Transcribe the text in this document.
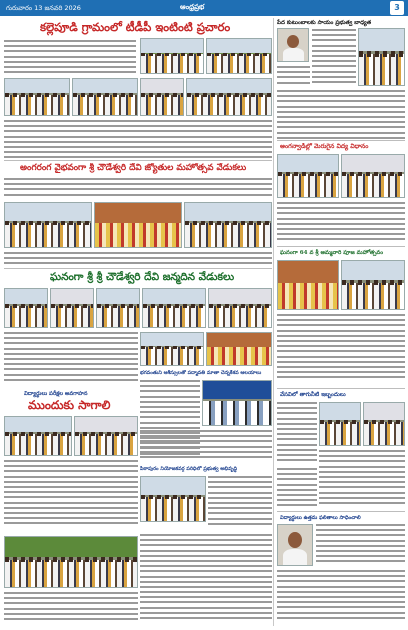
గురువారం 13 జనవరి 2026	ఆంధ్రప్రభ	3
కల్లెపూడి గ్రామంలో టీడీపీ ఇంటింటి ప్రచారం
అంగరంగ వైభవంగా శ్రీ చౌడేశ్వరి దేవి జ్యోతుల మహోత్సవ వేడుకలు
ఘనంగా శ్రీ శ్రీ చౌడేశ్వరి దేవి జన్మదిన వేడుకలు
భగవంతుని ఆశీస్సులతో పద్మావతి మాతా చెన్నకేశవ ఆలయాలు
విద్యార్థులు పరీక్షల అవగాహన
ముందుకు సాగాలి
పిఠాపురం నియోజకవర్గ పరిధిలో ప్రభుత్వ అభివృద్ధి
పేద కుటుంబాలకు సాయం ప్రభుత్వ బాధ్యత
అంగన్వాడీల్లో మెరుగైన విద్య విధానం
ఘనంగా 64 వ శ్రీ అమ్మవారి పూజ మహోత్సవం
వేసవిలో తాగునీటి ఇబ్బందులు
విద్యార్థులు ఉత్తమ ఫలితాలు సాధించాలి
